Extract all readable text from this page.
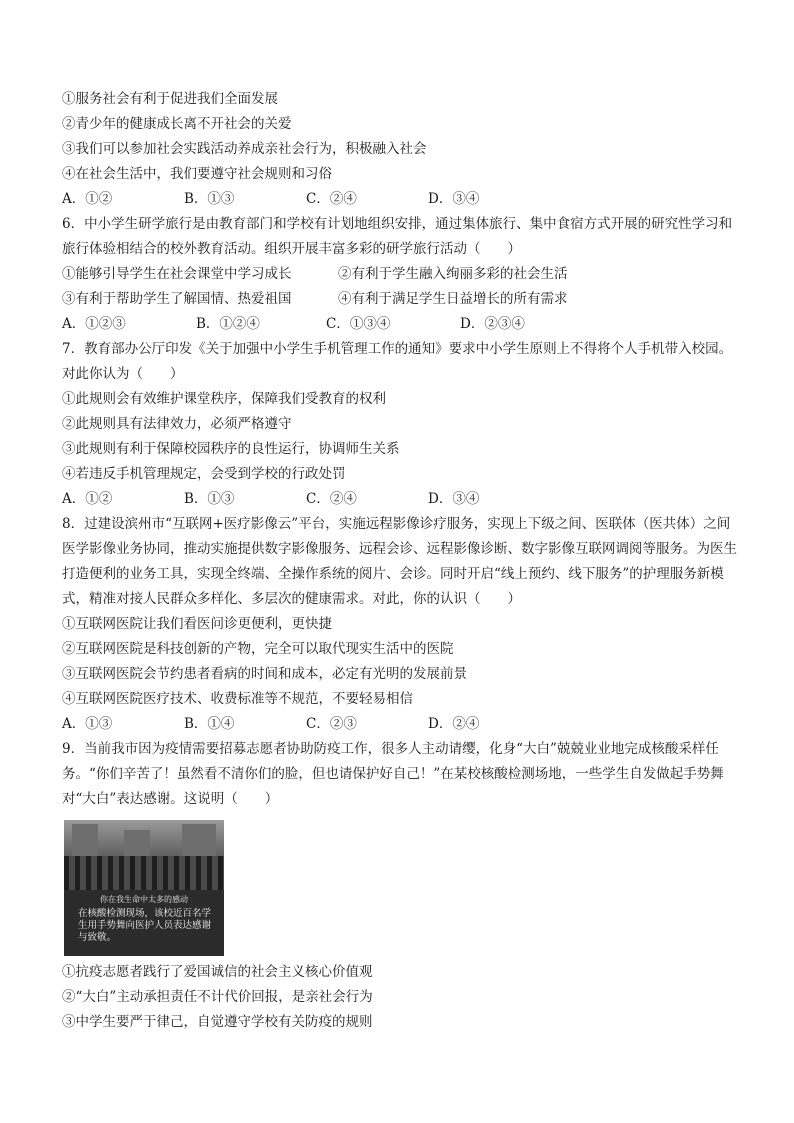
①服务社会有利于促进我们全面发展
②青少年的健康成长离不开社会的关爱
③我们可以参加社会实践活动养成亲社会行为，积极融入社会
④在社会生活中，我们要遵守社会规则和习俗
A．①②	B．①③	C．②④	D．③④
6．中小学生研学旅行是由教育部门和学校有计划地组织安排，通过集体旅行、集中食宿方式开展的研究性学习和旅行体验相结合的校外教育活动。组织开展丰富多彩的研学旅行活动（　　）
①能够引导学生在社会课堂中学习成长	②有利于学生融入绚丽多彩的社会生活
③有利于帮助学生了解国情、热爱祖国	④有利于满足学生日益增长的所有需求
A．①②③	B．①②④	C．①③④	D．②③④
7．教育部办公厅印发《关于加强中小学生手机管理工作的通知》要求中小学生原则上不得将个人手机带入校园。对此你认为（　　）
①此规则会有效维护课堂秩序，保障我们受教育的权利
②此规则具有法律效力，必须严格遵守
③此规则有利于保障校园秩序的良性运行，协调师生关系
④若违反手机管理规定，会受到学校的行政处罚
A．①②	B．①③	C．②④	D．③④
8．过建设滨州市“互联网+医疗影像云”平台，实施远程影像诊疗服务，实现上下级之间、医联体（医共体）之间医学影像业务协同，推动实施提供数字影像服务、远程会诊、远程影像诊断、数字影像互联网调阅等服务。为医生打造便利的业务工具，实现全终端、全操作系统的阅片、会诊。同时开启“线上预约、线下服务”的护理服务新模式，精准对接人民群众多样化、多层次的健康需求。对此，你的认识（　　）
①互联网医院让我们看医问诊更便利，更快捷
②互联网医院是科技创新的产物，完全可以取代现实生活中的医院
③互联网医院会节约患者看病的时间和成本，必定有光明的发展前景
④互联网医院医疗技术、收费标准等不规范，不要轻易相信
A．①③	B．①④	C．②③	D．②④
9．当前我市因为疫情需要招募志愿者协助防疫工作，很多人主动请缨，化身“大白”兢兢业业地完成核酸采样任务。“你们辛苦了！虽然看不清你们的脸，但也请保护好自己！”在某校核酸检测场地，一些学生自发做起手势舞对“大白”表达感谢。这说明（　　）
你在我生命中太多的感动
在核酸检测现场，该校近百名学生用手势舞向医护人员表达感谢与致敬。
①抗疫志愿者践行了爱国诚信的社会主义核心价值观
②“大白”主动承担责任不计代价回报，是亲社会行为
③中学生要严于律己，自觉遵守学校有关防疫的规则
